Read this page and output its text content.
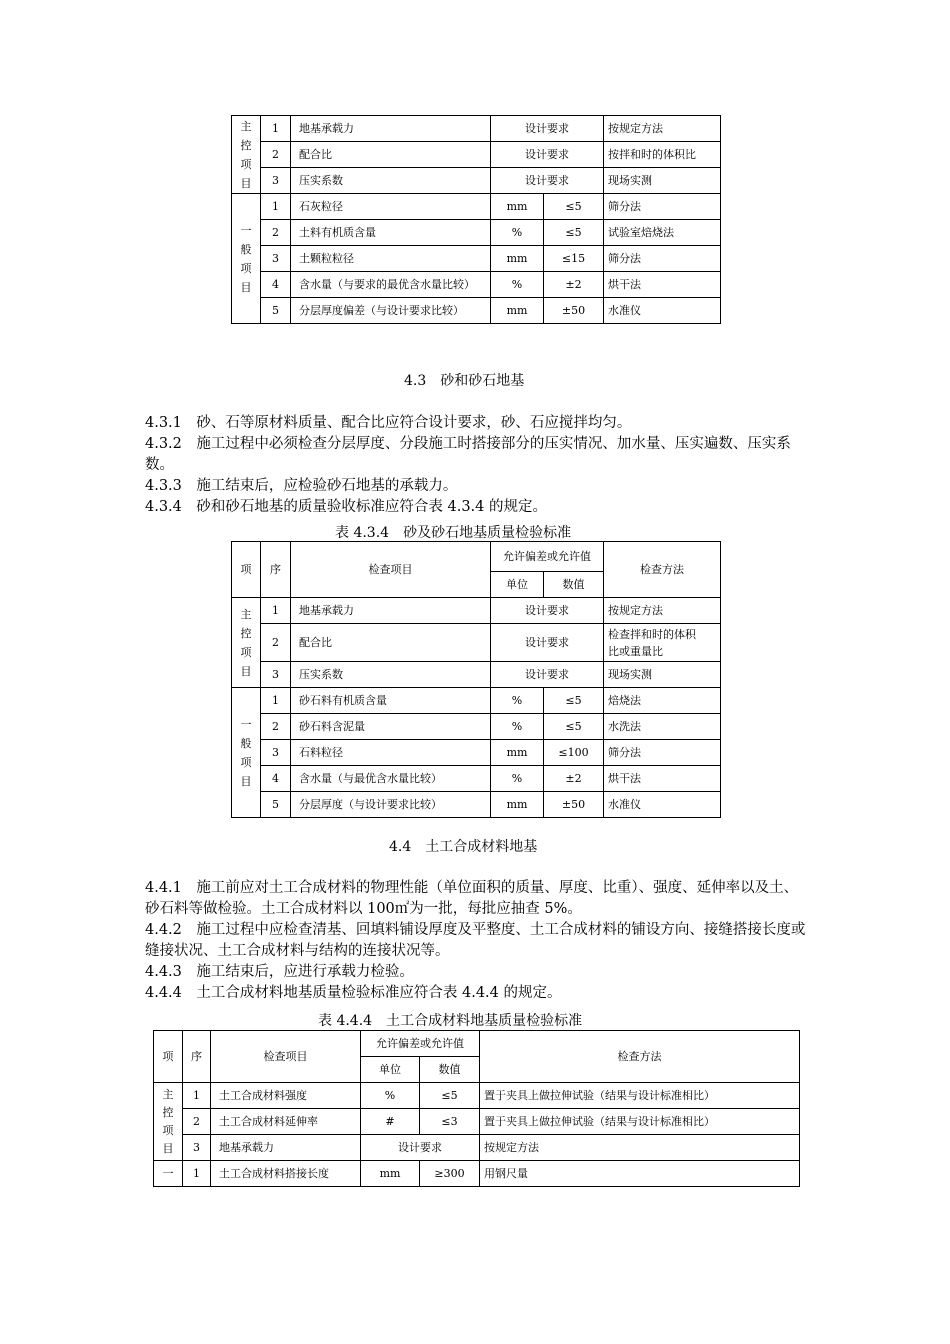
主
控
项
目	1	地基承载力	设计要求		按规定方法
	2	配合比	设计要求		按拌和时的体积比
	3	压实系数	设计要求		现场实测

一
般
项
目	1	石灰粒径	mm	≤5	筛分法
	2	土料有机质含量	%	≤5	试验室焙烧法
	3	土颗粒粒径	mm	≤15	筛分法
	4	含水量（与要求的最优含水量比较）	%	±2	烘干法
	5	分层厚度偏差（与设计要求比较）	mm	±50	水准仪
4.3　砂和砂石地基

4.3.1　砂、石等原材料质量、配合比应符合设计要求，砂、石应搅拌均匀。

4.3.2　施工过程中必须检查分层厚度、分段施工时搭接部分的压实情况、加水量、压实遍数、压实系数。

4.3.3　施工结束后，应检验砂石地基的承载力。

4.3.4　砂和砂石地基的质量验收标准应符合表 4.3.4 的规定。

表 4.3.4　砂及砂石地基质量检验标准
项	序	检查项目	允许偏差或允许值		检查方法
			单位	数值	

主
控
项
目	1	地基承载力	设计要求		按规定方法
	2	配合比	设计要求		检查拌和时的体积
比或重量比

	3	压实系数	设计要求		现场实测

一
般
项
目	1	砂石料有机质含量	%	≤5	焙烧法
	2	砂石料含泥量	%	≤5	水洗法
	3	石料粒径	mm	≤100	筛分法
	4	含水量（与最优含水量比较）	%	±2	烘干法
	5	分层厚度（与设计要求比较）	mm	±50	水准仪
4.4　土工合成材料地基

4.4.1　施工前应对土工合成材料的物理性能（单位面积的质量、厚度、比重）、强度、延伸率以及土、砂石料等做检验。土工合成材料以 100㎡为一批，每批应抽查 5%。

4.4.2　施工过程中应检查清基、回填料铺设厚度及平整度、土工合成材料的铺设方向、接缝搭接长度或缝接状况、土工合成材料与结构的连接状况等。

4.4.3　施工结束后，应进行承载力检验。

4.4.4　土工合成材料地基质量检验标准应符合表 4.4.4 的规定。

表 4.4.4　土工合成材料地基质量检验标准
项	序	检查项目	允许偏差或允许值		检查方法
			单位	数值	

主
控
项
目	1	土工合成材料强度	%	≤5	置于夹具上做拉伸试验（结果与设计标准相比）
	2	土工合成材料延伸率	#	≤3	置于夹具上做拉伸试验（结果与设计标准相比）
	3	地基承载力	设计要求		按规定方法
一	1	土工合成材料搭接长度	mm	≥300	用钢尺量
